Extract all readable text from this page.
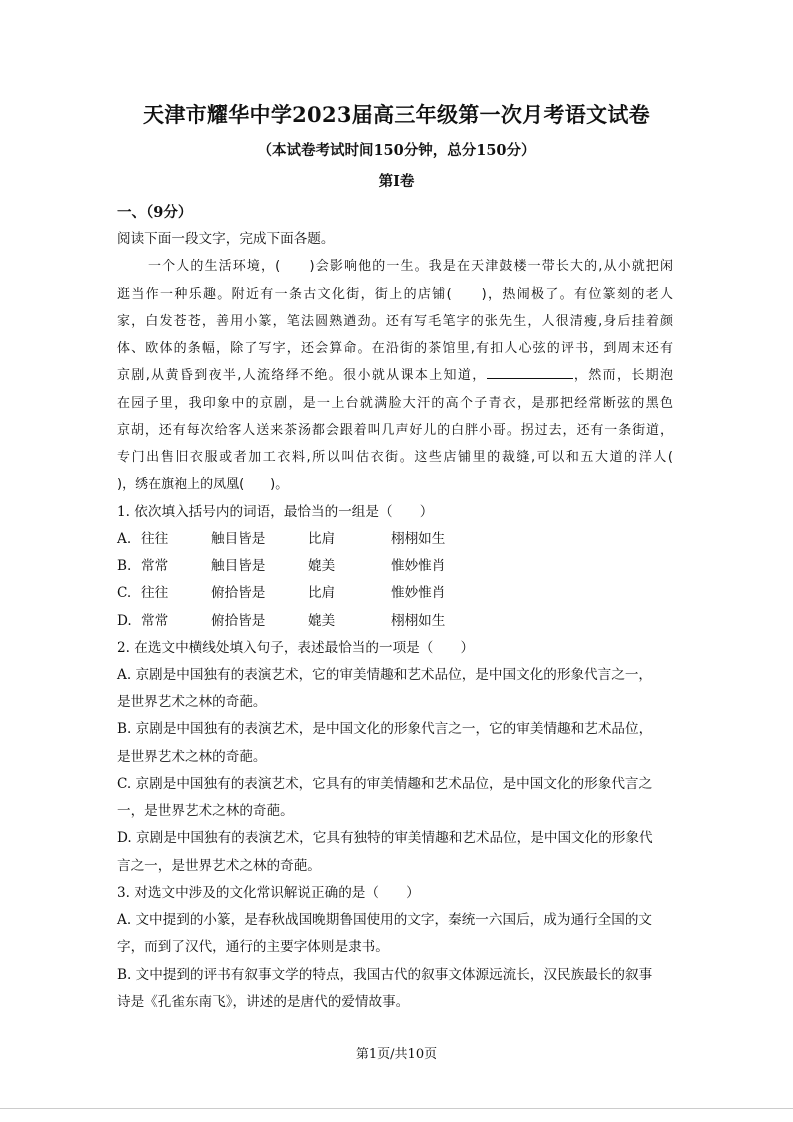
天津市耀华中学2023届高三年级第一次月考语文试卷
（本试卷考试时间150分钟，总分150分）
第Ⅰ卷
一、（9分）
阅读下面一段文字，完成下面各题。
一个人的生活环境，(　　)会影响他的一生。我是在天津鼓楼一带长大的,从小就把闲
逛当作一种乐趣。附近有一条古文化街，街上的店铺(　　)，热闹极了。有位篆刻的老人
家，白发苍苍，善用小篆，笔法圆熟遒劲。还有写毛笔字的张先生，人很清瘦,身后挂着颜
体、欧体的条幅，除了写字，还会算命。在沿街的茶馆里,有扣人心弦的评书，到周末还有
京剧,从黄昏到夜半,人流络绎不绝。很小就从课本上知道，	，然而，长期泡
在园子里，我印象中的京剧，是一上台就满脸大汗的高个子青衣，是那把经常断弦的黑色
京胡，还有每次给客人送来茶汤都会跟着叫几声好儿的白胖小哥。拐过去，还有一条街道，
专门出售旧衣服或者加工衣料,所以叫估衣街。这些店铺里的裁缝,可以和五大道的洋人(
)，绣在旗袍上的凤凰(　　)。
1. 依次填入括号内的词语，最恰当的一组是（　　）
A. 往往	触目皆是	比肩	栩栩如生
B. 常常	触目皆是	媲美	惟妙惟肖
C. 往往	俯拾皆是	比肩	惟妙惟肖
D. 常常	俯拾皆是	媲美	栩栩如生
2. 在选文中横线处填入句子，表述最恰当的一项是（　　）
A. 京剧是中国独有的表演艺术，它的审美情趣和艺术品位，是中国文化的形象代言之一，
是世界艺术之林的奇葩。
B. 京剧是中国独有的表演艺术，是中国文化的形象代言之一，它的审美情趣和艺术品位，
是世界艺术之林的奇葩。
C. 京剧是中国独有的表演艺术，它具有的审美情趣和艺术品位，是中国文化的形象代言之
一，是世界艺术之林的奇葩。
D. 京剧是中国独有的表演艺术，它具有独特的审美情趣和艺术品位，是中国文化的形象代
言之一，是世界艺术之林的奇葩。
3. 对选文中涉及的文化常识解说正确的是（　　）
A. 文中提到的小篆，是春秋战国晚期鲁国使用的文字，秦统一六国后，成为通行全国的文
字，而到了汉代，通行的主要字体则是隶书。
B. 文中提到的评书有叙事文学的特点，我国古代的叙事文体源远流长，汉民族最长的叙事
诗是《孔雀东南飞》，讲述的是唐代的爱情故事。
第1页/共10页
